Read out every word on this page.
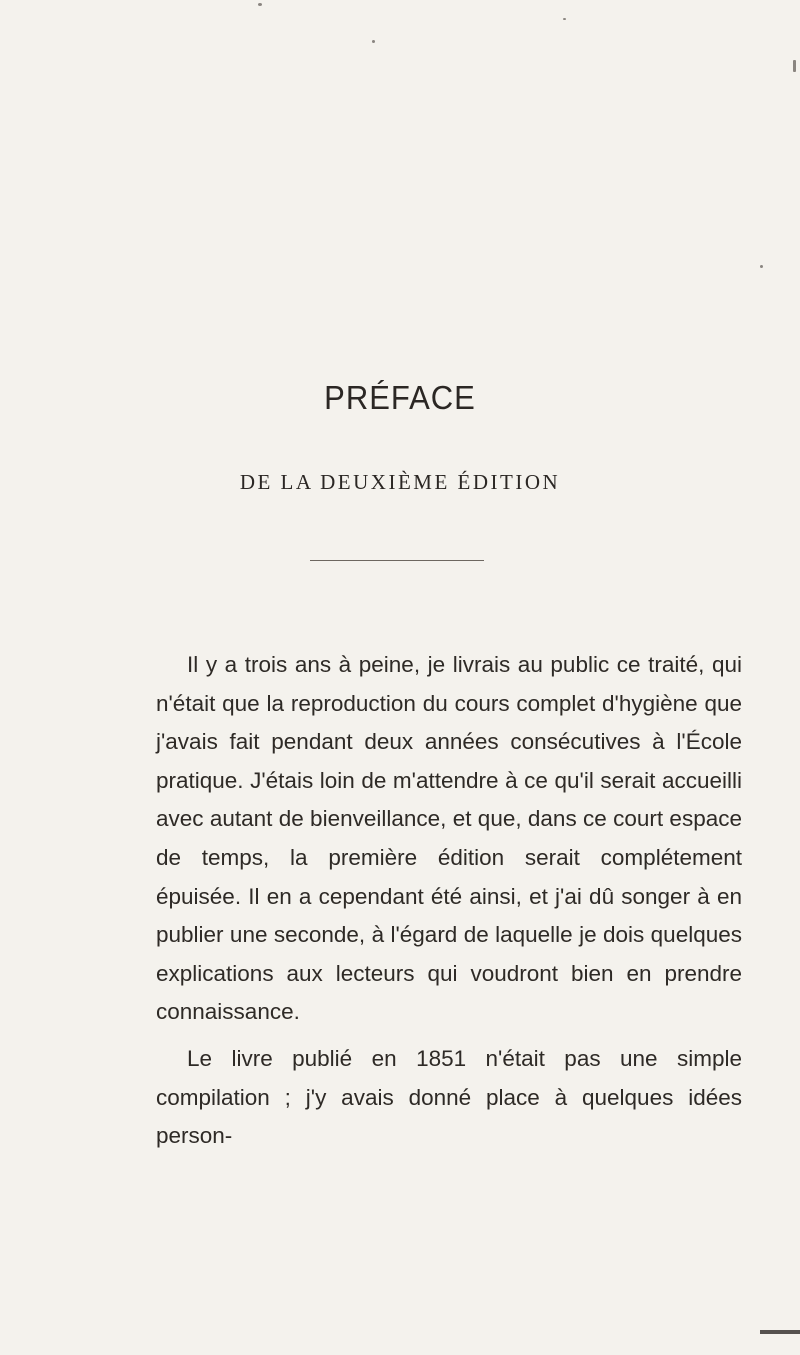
PRÉFACE
DE LA DEUXIÈME ÉDITION

Il y a trois ans à peine, je livrais au public ce traité, qui n'était que la reproduction du cours complet d'hygiène que j'avais fait pendant deux années consécutives à l'École pratique. J'étais loin de m'attendre à ce qu'il serait accueilli avec autant de bienveillance, et que, dans ce court espace de temps, la première édition serait complétement épuisée. Il en a cependant été ainsi, et j'ai dû songer à en publier une seconde, à l'égard de laquelle je dois quelques explications aux lecteurs qui voudront bien en prendre connaissance.

Le livre publié en 1851 n'était pas une simple compilation ; j'y avais donné place à quelques idées person-
